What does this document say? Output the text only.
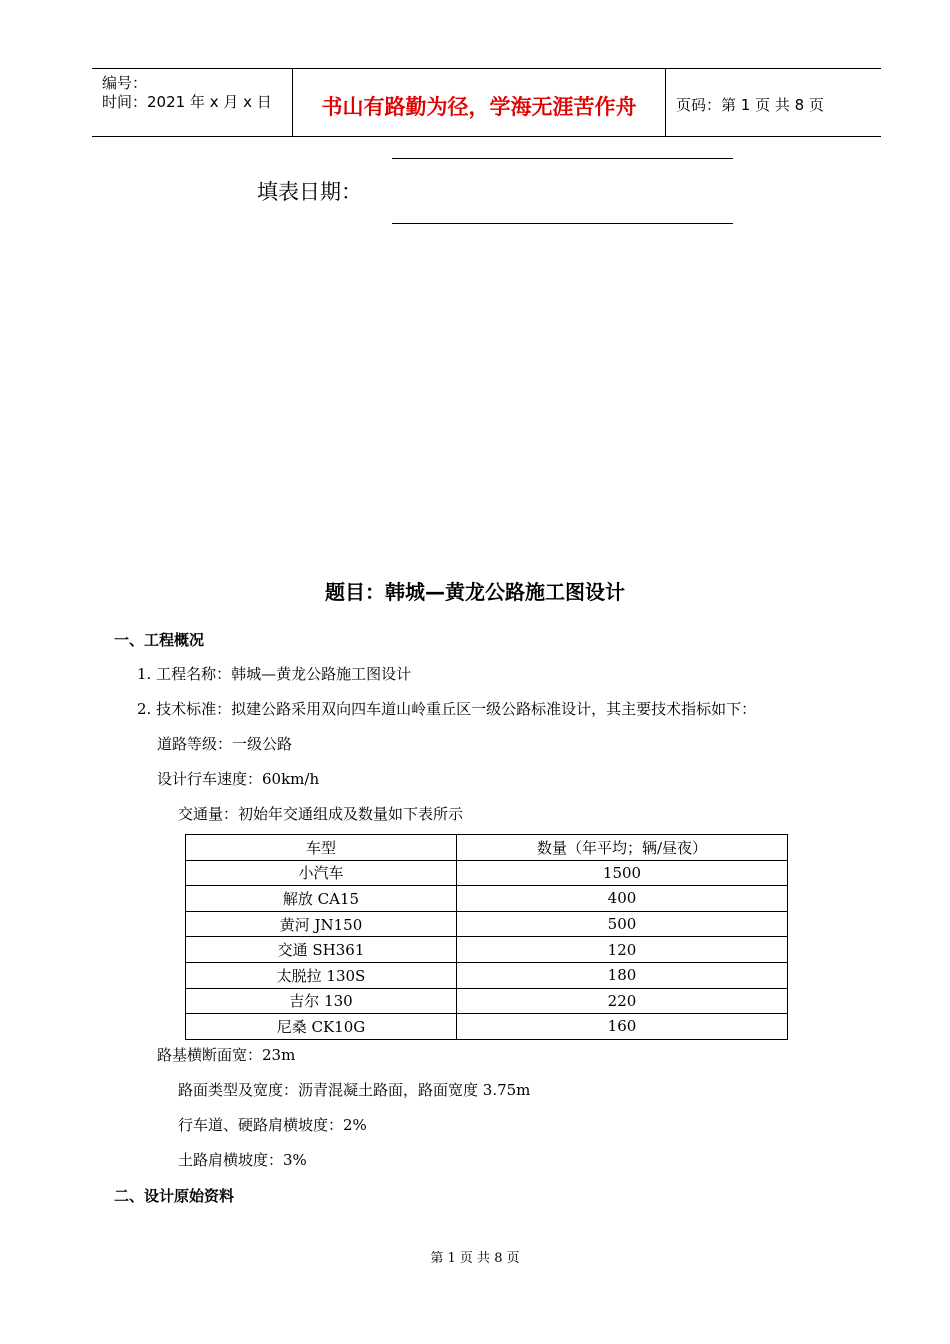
编号：
时间：2021 年 x 月 x 日	书山有路勤为径，学海无涯苦作舟	页码：第 1 页 共 8 页
填表日期：
题目：韩城—黄龙公路施工图设计
一、工程概况
1. 工程名称：韩城—黄龙公路施工图设计
2. 技术标准：拟建公路采用双向四车道山岭重丘区一级公路标准设计，其主要技术指标如下：
道路等级：一级公路
设计行车速度：60km/h
交通量：初始年交通组成及数量如下表所示
车型	数量（年平均；辆/昼夜）
小汽车	1500
解放 CA15	400
黄河 JN150	500
交通 SH361	120
太脱拉 130S	180
吉尔 130	220
尼桑 CK10G	160
路基横断面宽：23m
路面类型及宽度：沥青混凝土路面，路面宽度 3.75m
行车道、硬路肩横坡度：2%
土路肩横坡度：3%
二、设计原始资料
第 1 页 共 8 页
